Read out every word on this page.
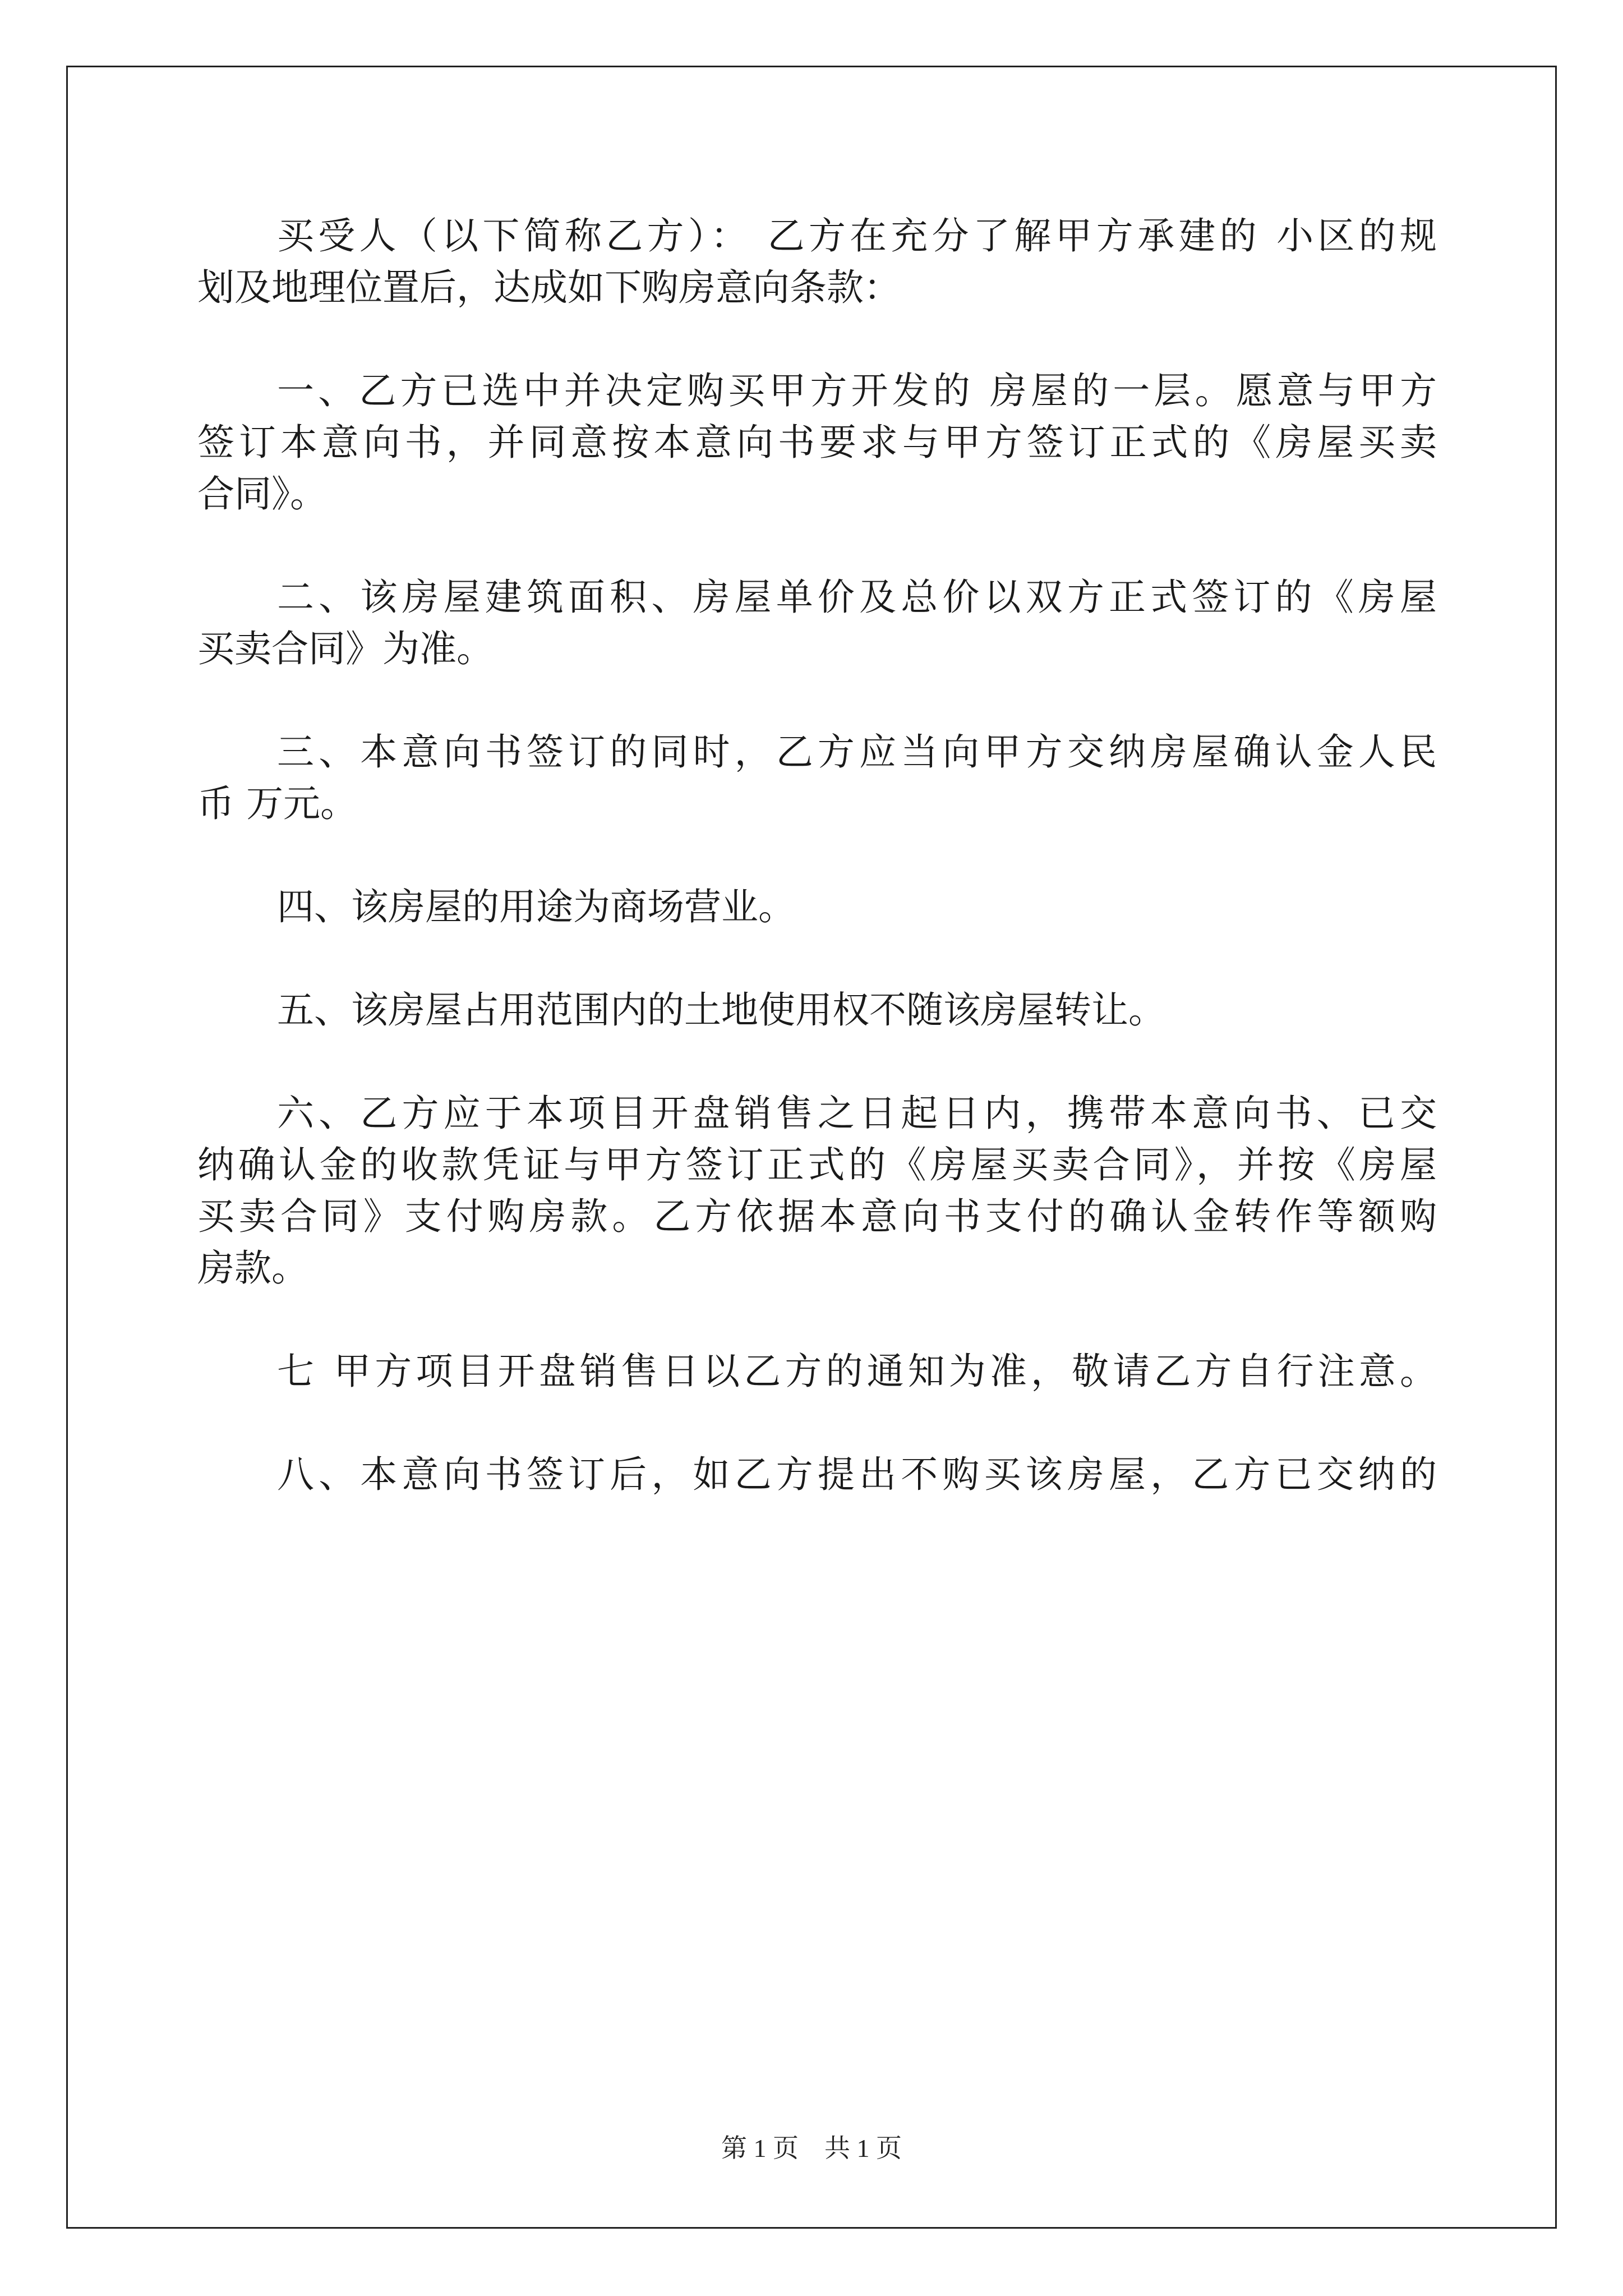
买受人（以下简称乙方）： 乙方在充分了解甲方承建的 小区的规
划及地理位置后，达成如下购房意向条款：
一、乙方已选中并决定购买甲方开发的 房屋的一层。愿意与甲方
签订本意向书，并同意按本意向书要求与甲方签订正式的《房屋买卖
合同》。
二、该房屋建筑面积、房屋单价及总价以双方正式签订的《房屋
买卖合同》为准。
三、本意向书签订的同时，乙方应当向甲方交纳房屋确认金人民
币 万元。
四、该房屋的用途为商场营业。
五、该房屋占用范围内的土地使用权不随该房屋转让。
六、乙方应于本项目开盘销售之日起日内，携带本意向书、已交
纳确认金的收款凭证与甲方签订正式的《房屋买卖合同》，并按《房屋
买卖合同》支付购房款。乙方依据本意向书支付的确认金转作等额购
房款。
七 甲方项目开盘销售日以乙方的通知为准，敬请乙方自行注意。
八、本意向书签订后，如乙方提出不购买该房屋，乙方已交纳的
第 1 页　共 1 页
